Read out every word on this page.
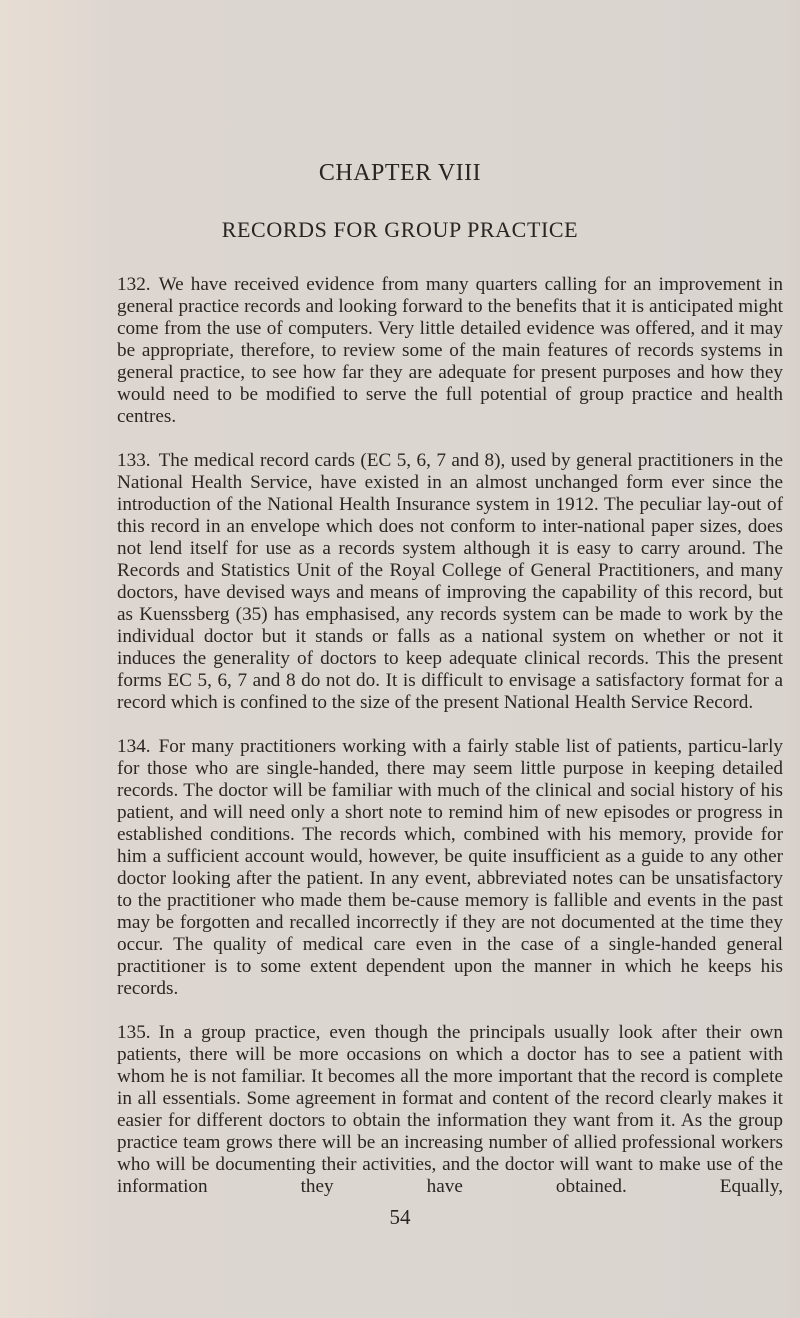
CHAPTER VIII
RECORDS FOR GROUP PRACTICE

132. We have received evidence from many quarters calling for an improvement in general practice records and looking forward to the benefits that it is anticipated might come from the use of computers. Very little detailed evidence was offered, and it may be appropriate, therefore, to review some of the main features of records systems in general practice, to see how far they are adequate for present purposes and how they would need to be modified to serve the full potential of group practice and health centres.

133. The medical record cards (EC 5, 6, 7 and 8), used by general practitioners in the National Health Service, have existed in an almost unchanged form ever since the introduction of the National Health Insurance system in 1912. The peculiar lay-out of this record in an envelope which does not conform to inter-national paper sizes, does not lend itself for use as a records system although it is easy to carry around. The Records and Statistics Unit of the Royal College of General Practitioners, and many doctors, have devised ways and means of improving the capability of this record, but as Kuenssberg (35) has emphasised, any records system can be made to work by the individual doctor but it stands or falls as a national system on whether or not it induces the generality of doctors to keep adequate clinical records. This the present forms EC 5, 6, 7 and 8 do not do. It is difficult to envisage a satisfactory format for a record which is confined to the size of the present National Health Service Record.

134. For many practitioners working with a fairly stable list of patients, particu-larly for those who are single-handed, there may seem little purpose in keeping detailed records. The doctor will be familiar with much of the clinical and social history of his patient, and will need only a short note to remind him of new episodes or progress in established conditions. The records which, combined with his memory, provide for him a sufficient account would, however, be quite insufficient as a guide to any other doctor looking after the patient. In any event, abbreviated notes can be unsatisfactory to the practitioner who made them be-cause memory is fallible and events in the past may be forgotten and recalled incorrectly if they are not documented at the time they occur. The quality of medical care even in the case of a single-handed general practitioner is to some extent dependent upon the manner in which he keeps his records.

135. In a group practice, even though the principals usually look after their own patients, there will be more occasions on which a doctor has to see a patient with whom he is not familiar. It becomes all the more important that the record is complete in all essentials. Some agreement in format and content of the record clearly makes it easier for different doctors to obtain the information they want from it. As the group practice team grows there will be an increasing number of allied professional workers who will be documenting their activities, and the doctor will want to make use of the information they have obtained. Equally,

54
